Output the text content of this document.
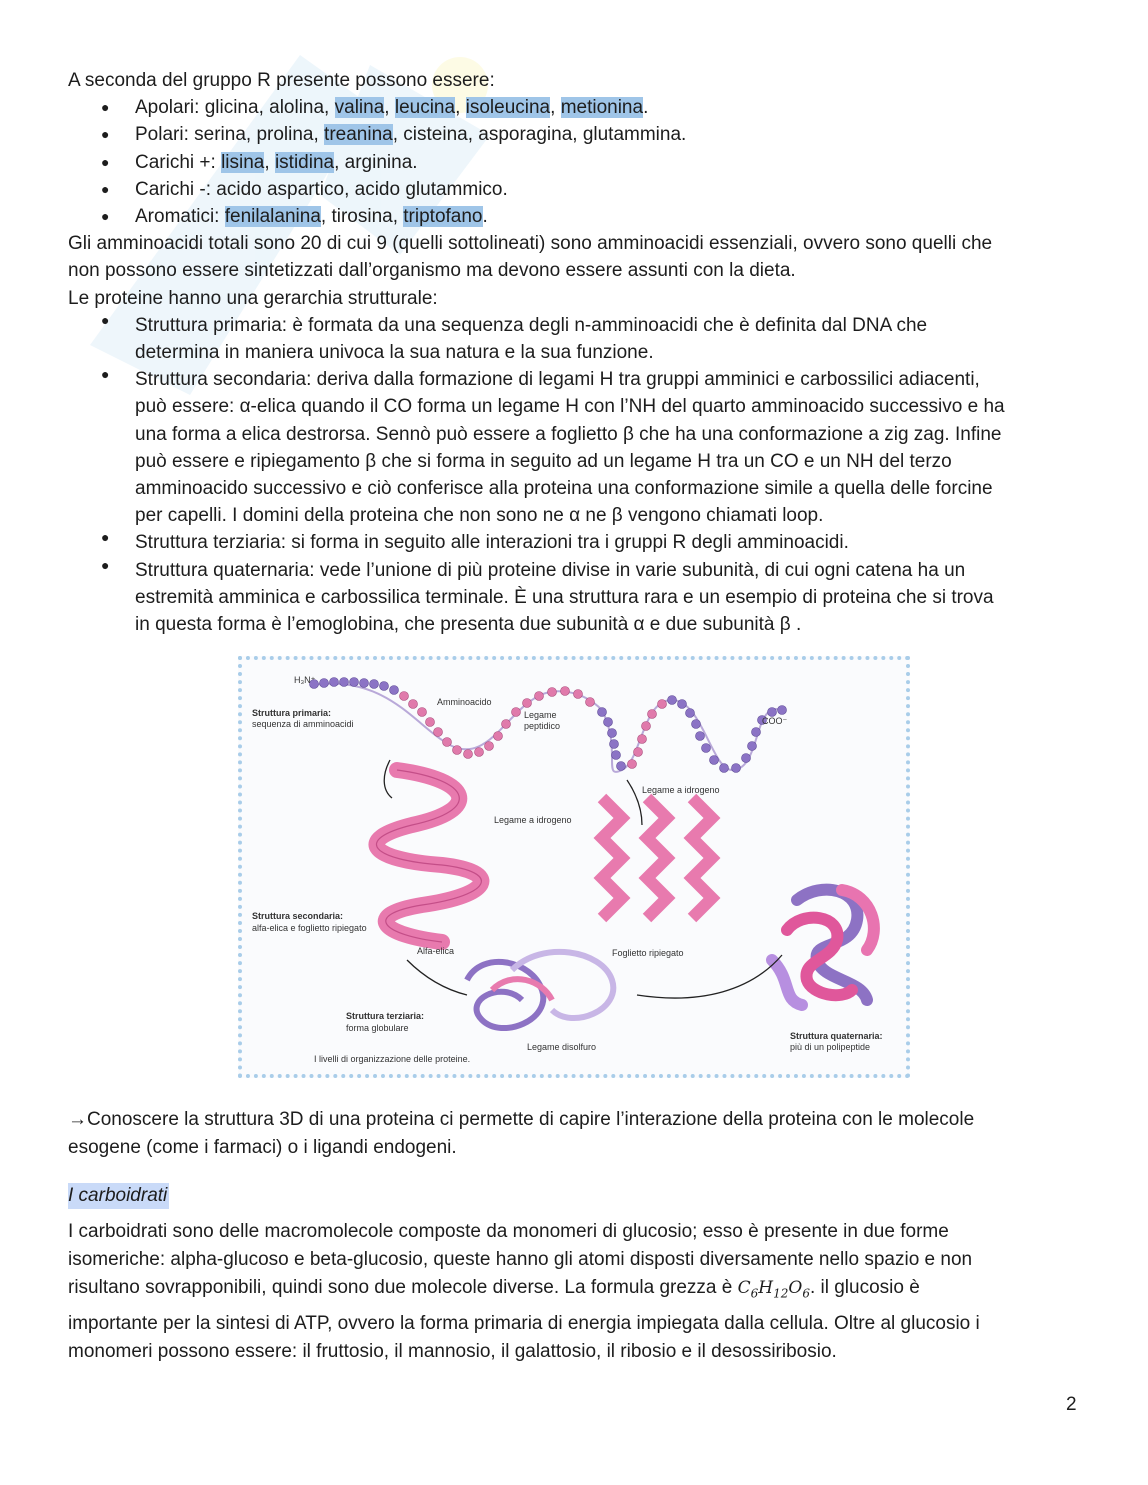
A seconda del gruppo R presente possono essere:
● Apolari: glicina, alolina, valina, leucina, isoleucina, metionina.
● Polari: serina, prolina, treanina, cisteina, asporagina, glutammina.
● Carichi +: lisina, istidina, arginina.
● Carichi -: acido aspartico, acido glutammico.
● Aromatici: fenilalanina, tirosina, triptofano.
Gli amminoacidi totali sono 20 di cui 9 (quelli sottolineati) sono amminoacidi essenziali, ovvero sono quelli che
non possono essere sintetizzati dall’organismo ma devono essere assunti con la dieta.
Le proteine hanno una gerarchia strutturale:
● Struttura primaria: è formata da una sequenza degli n-amminoacidi che è definita dal DNA che
determina in maniera univoca la sua natura e la sua funzione.
● Struttura secondaria: deriva dalla formazione di legami H tra gruppi amminici e carbossilici adiacenti,
può essere: α-elica quando il CO forma un legame H con l’NH del quarto amminoacido successivo e ha
una forma a elica destrorsa. Sennò può essere a foglietto β che ha una conformazione a zig zag. Infine
può essere e ripiegamento β che si forma in seguito ad un legame H tra un CO e un NH del terzo
amminoacido successivo e ciò conferisce alla proteina una conformazione simile a quella delle forcine
per capelli. I domini della proteina che non sono ne α ne β vengono chiamati loop.
● Struttura terziaria: si forma in seguito alle interazioni tra i gruppi R degli amminoacidi.
● Struttura quaternaria: vede l’unione di più proteine divise in varie subunità, di cui ogni catena ha un
estremità amminica e carbossilica terminale. È una struttura rara e un esempio di proteina che si trova
in questa forma è l’emoglobina, che presenta due subunità α e due subunità β .
H₃N⁺
COO⁻
Amminoacido
Legame
peptidico
Struttura primaria:
sequenza di amminoacidi
Legame a idrogeno
Legame a idrogeno
Struttura secondaria:
alfa-elica e foglietto ripiegato
Alfa-elica	Foglietto ripiegato
Struttura terziaria:
forma globulare
Legame disolfuro
Struttura quaternaria:
più di un polipeptide
I livelli di organizzazione delle proteine.
→Conoscere la struttura 3D di una proteina ci permette di capire l’interazione della proteina con le molecole
esogene (come i farmaci) o i ligandi endogeni.
I carboidrati
I carboidrati sono delle macromolecole composte da monomeri di glucosio; esso è presente in due forme
isomeriche: alpha-glucoso e beta-glucosio, queste hanno gli atomi disposti diversamente nello spazio e non
risultano sovrapponibili, quindi sono due molecole diverse. La formula grezza è $C_6H_{12}O_6$. il glucosio è
importante per la sintesi di ATP, ovvero la forma primaria di energia impiegata dalla cellula. Oltre al glucosio i
monomeri possono essere: il fruttosio, il mannosio, il galattosio, il ribosio e il desossiribosio.
2
